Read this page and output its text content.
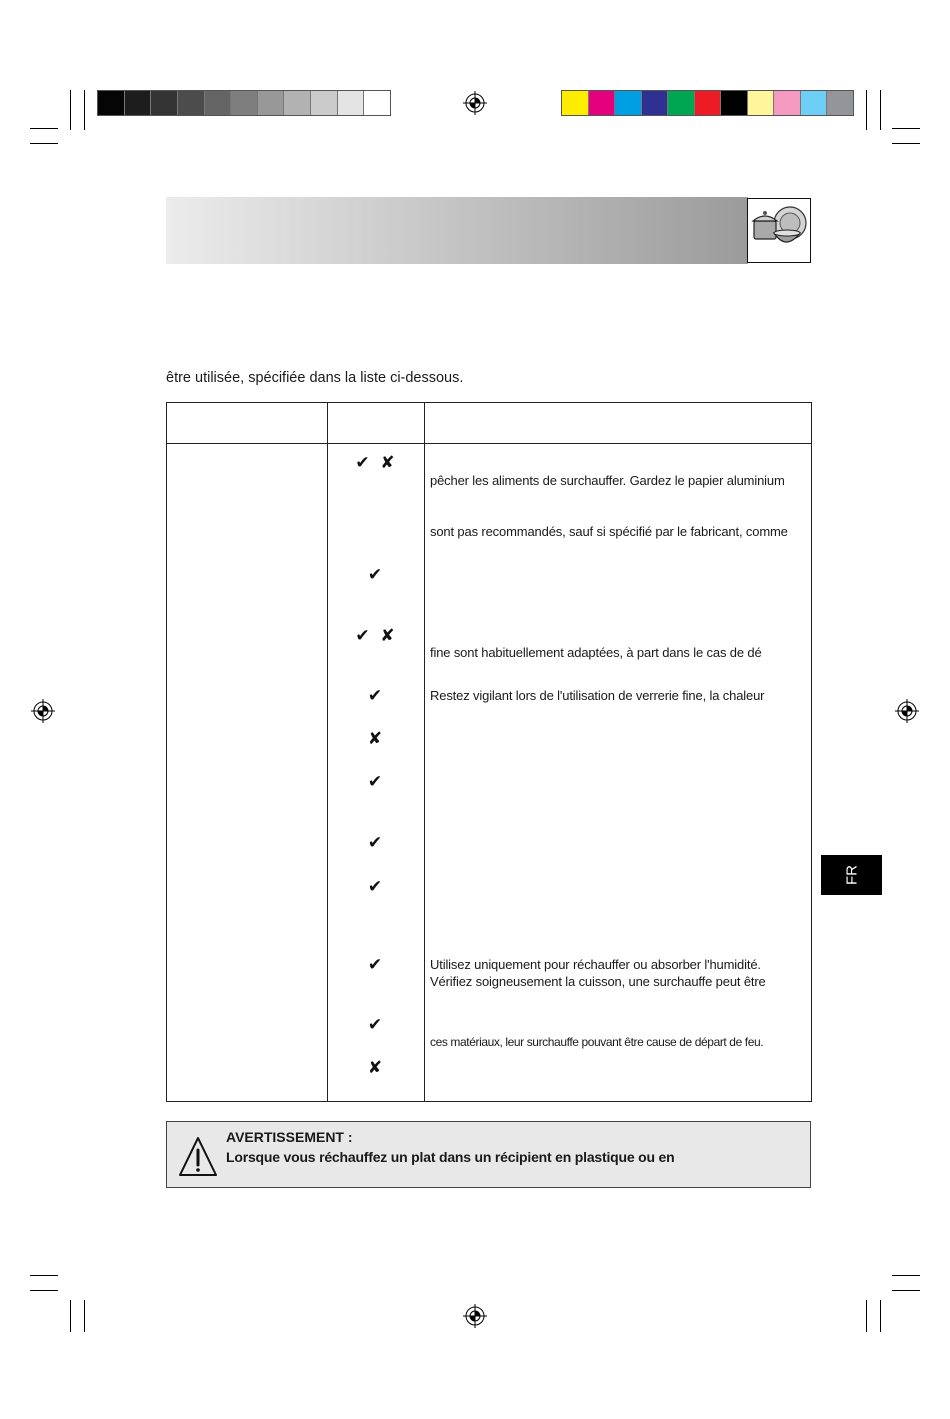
être utilisée, spécifiée dans la liste ci-dessous.
✔  ✘
✔
✔  ✘
✔
✘
✔
✔
✔
✔
✔
✘
pêcher les aliments de surchauffer. Gardez le papier aluminium
sont pas recommandés, sauf si spécifié par le fabricant, comme
fine sont habituellement adaptées, à part dans le cas de dé
Restez vigilant lors de l'utilisation de verrerie fine, la chaleur
Utilisez uniquement pour réchauffer ou absorber l'humidité.
Vérifiez soigneusement la cuisson, une surchauffe peut être
ces matériaux, leur surchauffe pouvant être cause de départ de feu.
AVERTISSEMENT :
Lorsque vous réchauffez un plat dans un récipient en plastique ou en
FR
